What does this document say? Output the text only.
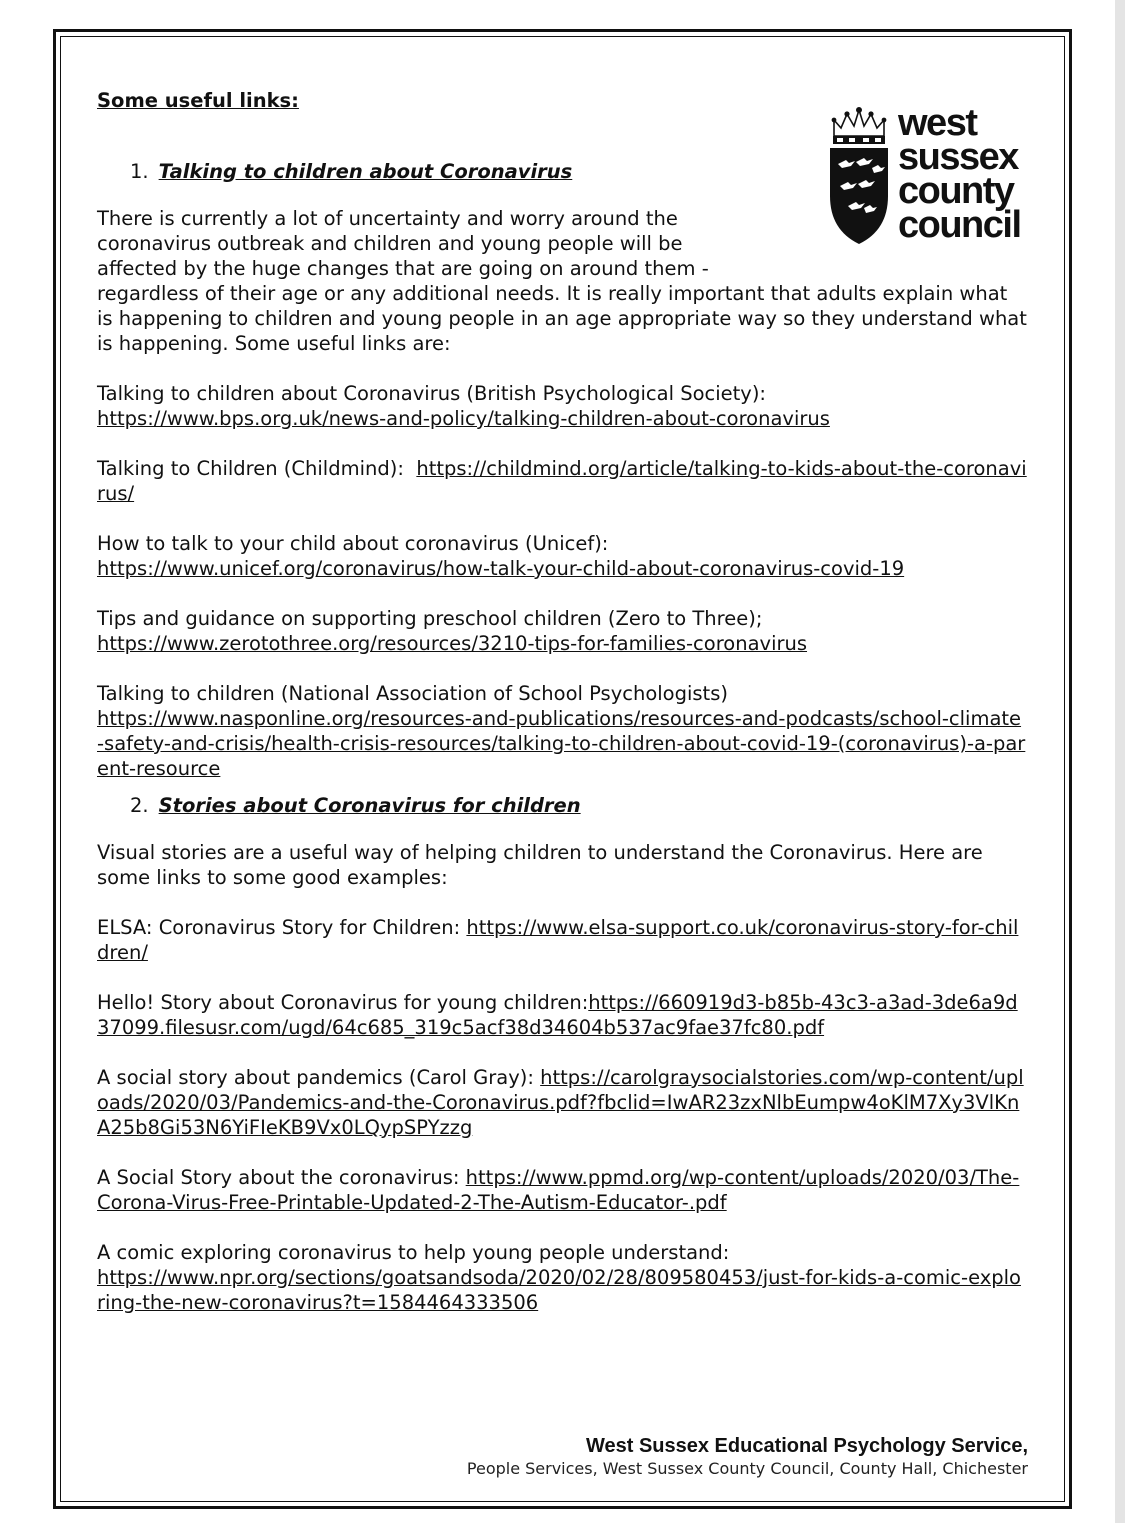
west
sussex
county
council
Some useful links:
1. Talking to children about Coronavirus

There is currently a lot of uncertainty and worry around the coronavirus outbreak and children and young people will be affected by the huge changes that are going on around them -
regardless of their age or any additional needs. It is really important that adults explain what is happening to children and young people in an age appropriate way so they understand what is happening. Some useful links are:

Talking to children about Coronavirus (British Psychological Society):
https://www.bps.org.uk/news-and-policy/talking-children-about-coronavirus
Talking to Children (Childmind): https://childmind.org/article/talking-to-kids-about-the-coronavirus/
How to talk to your child about coronavirus (Unicef):
https://www.unicef.org/coronavirus/how-talk-your-child-about-coronavirus-covid-19
Tips and guidance on supporting preschool children (Zero to Three);
https://www.zerotothree.org/resources/3210-tips-for-families-coronavirus
Talking to children (National Association of School Psychologists)
https://www.nasponline.org/resources-and-publications/resources-and-podcasts/school-climate-safety-and-crisis/health-crisis-resources/talking-to-children-about-covid-19-(coronavirus)-a-parent-resource
2. Stories about Coronavirus for children

Visual stories are a useful way of helping children to understand the Coronavirus. Here are some links to some good examples:

ELSA: Coronavirus Story for Children: https://www.elsa-support.co.uk/coronavirus-story-for-children/
Hello! Story about Coronavirus for young children:https://660919d3-b85b-43c3-a3ad-3de6a9d37099.filesusr.com/ugd/64c685_319c5acf38d34604b537ac9fae37fc80.pdf
A social story about pandemics (Carol Gray): https://carolgraysocialstories.com/wp-content/uploads/2020/03/Pandemics-and-the-Coronavirus.pdf?fbclid=IwAR23zxNlbEumpw4oKlM7Xy3VlKnA25b8Gi53N6YiFIeKB9Vx0LQypSPYzzg
A Social Story about the coronavirus: https://www.ppmd.org/wp-content/uploads/2020/03/The-Corona-Virus-Free-Printable-Updated-2-The-Autism-Educator-.pdf
A comic exploring coronavirus to help young people understand:
https://www.npr.org/sections/goatsandsoda/2020/02/28/809580453/just-for-kids-a-comic-exploring-the-new-coronavirus?t=1584464333506
West Sussex Educational Psychology Service,
People Services, West Sussex County Council, County Hall, Chichester
